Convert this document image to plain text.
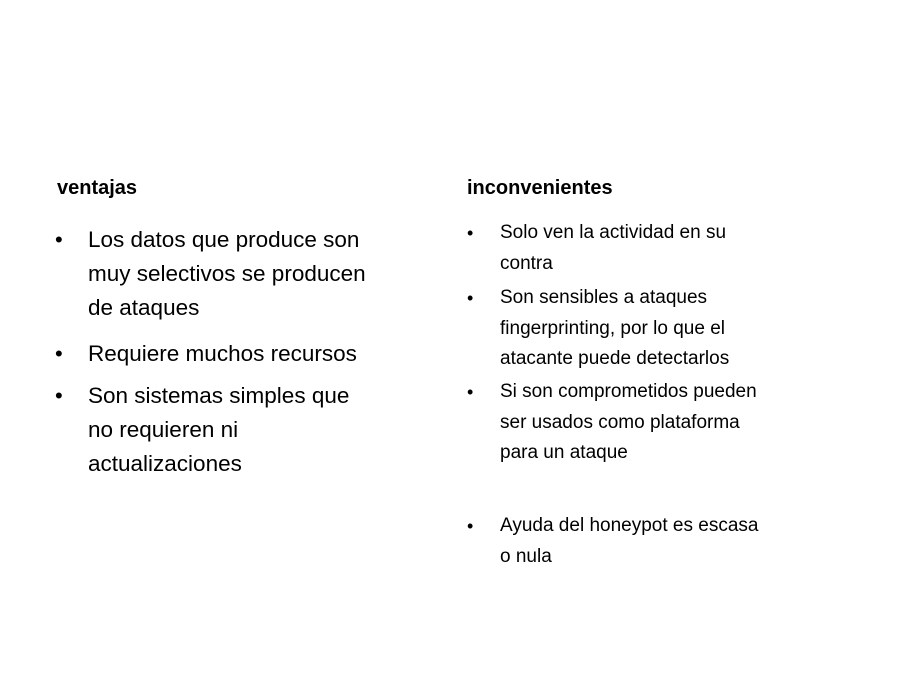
ventajas
• Los datos que produce son
muy selectivos se producen
de ataques
• Requiere muchos recursos
• Son sistemas simples que
no requieren ni
actualizaciones
inconvenientes
• Solo ven la actividad en su
contra
• Son sensibles a ataques
fingerprinting, por lo que el
atacante puede detectarlos
• Si son comprometidos pueden
ser usados como plataforma
para un ataque
• Ayuda del honeypot es escasa
o nula
